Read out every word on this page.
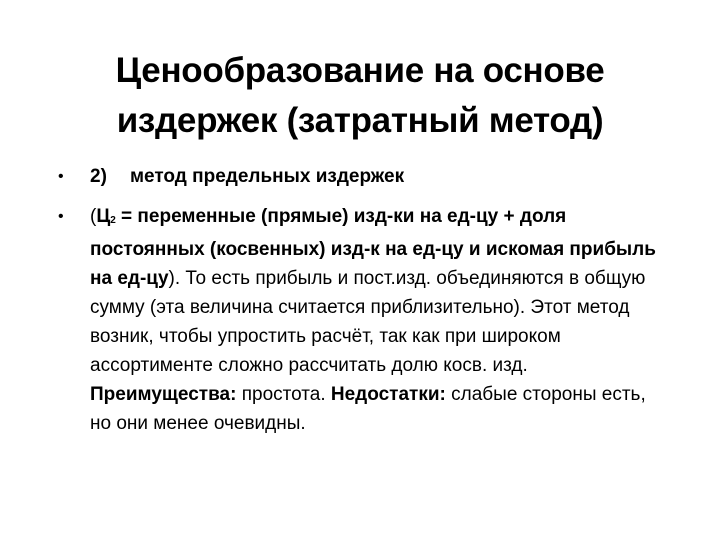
Ценообразование на основе
издержек (затратный метод)
• 2) метод предельных издержек
• (Ц2 = переменные (прямые) изд-ки на ед-цу + доля постоянных (косвенных) изд-к на ед-цу и искомая прибыль на ед-цу). То есть прибыль и пост.изд. объединяются в общую сумму (эта величина считается приблизительно). Этот метод возник, чтобы упростить расчёт, так как при широком ассортименте сложно рассчитать долю косв. изд. Преимущества: простота. Недостатки: слабые стороны есть, но они менее очевидны.
